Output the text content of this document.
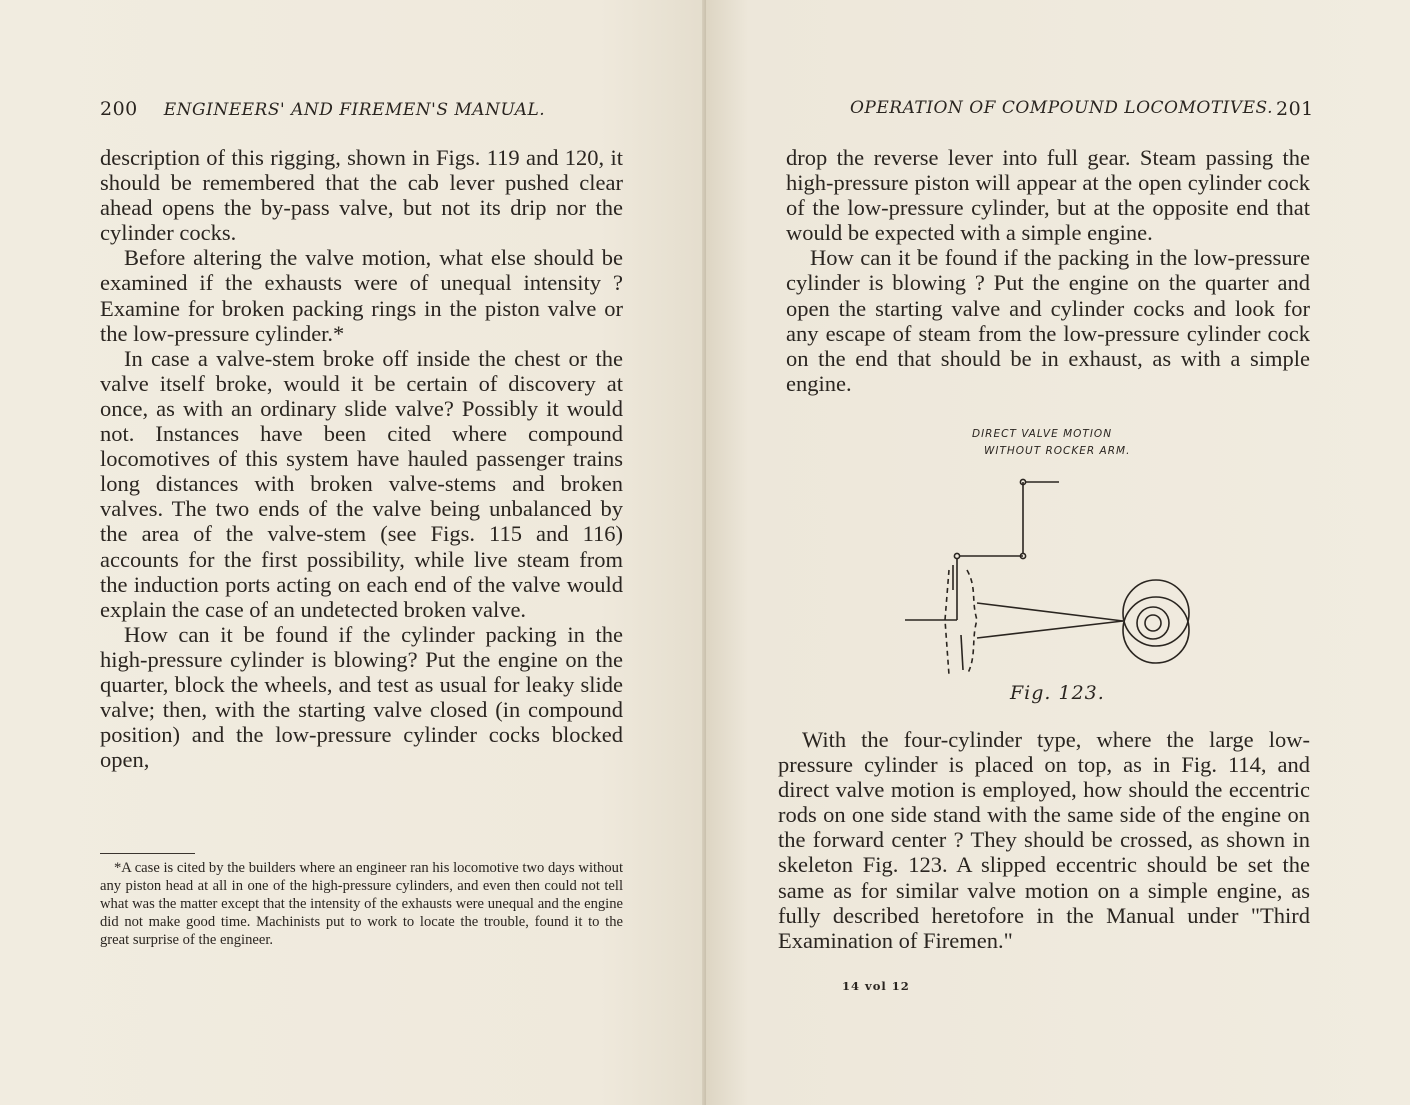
200 ENGINEERS' AND FIREMEN'S MANUAL.

description of this rigging, shown in Figs. 119 and 120, it should be remembered that the cab lever pushed clear ahead opens the by-pass valve, but not its drip nor the cylinder cocks.

Before altering the valve motion, what else should be examined if the exhausts were of unequal intensity ? Examine for broken packing rings in the piston valve or the low-pressure cylinder.*

In case a valve-stem broke off inside the chest or the valve itself broke, would it be certain of discovery at once, as with an ordinary slide valve? Possibly it would not. Instances have been cited where compound locomotives of this system have hauled passenger trains long distances with broken valve-stems and broken valves. The two ends of the valve being unbalanced by the area of the valve-stem (see Figs. 115 and 116) accounts for the first possibility, while live steam from the induction ports acting on each end of the valve would explain the case of an undetected broken valve.

How can it be found if the cylinder packing in the high-pressure cylinder is blowing? Put the engine on the quarter, block the wheels, and test as usual for leaky slide valve; then, with the starting valve closed (in compound position) and the low-pressure cylinder cocks blocked open,

*A case is cited by the builders where an engineer ran his locomotive two days without any piston head at all in one of the high-pressure cylinders, and even then could not tell what was the matter except that the intensity of the exhausts were unequal and the engine did not make good time. Machinists put to work to locate the trouble, found it to the great surprise of the engineer.

OPERATION OF COMPOUND LOCOMOTIVES. 201

drop the reverse lever into full gear. Steam passing the high-pressure piston will appear at the open cylinder cock of the low-pressure cylinder, but at the opposite end that would be expected with a simple engine.

How can it be found if the packing in the low-pressure cylinder is blowing ? Put the engine on the quarter and open the starting valve and cylinder cocks and look for any escape of steam from the low-pressure cylinder cock on the end that should be in exhaust, as with a simple engine.

DIRECT VALVE MOTION
WITHOUT ROCKER ARM.
Fig. 123.

With the four-cylinder type, where the large low-pressure cylinder is placed on top, as in Fig. 114, and direct valve motion is employed, how should the eccentric rods on one side stand with the same side of the engine on the forward center ? They should be crossed, as shown in skeleton Fig. 123. A slipped eccentric should be set the same as for similar valve motion on a simple engine, as fully described heretofore in the Manual under "Third Examination of Firemen."

14 vol 12
